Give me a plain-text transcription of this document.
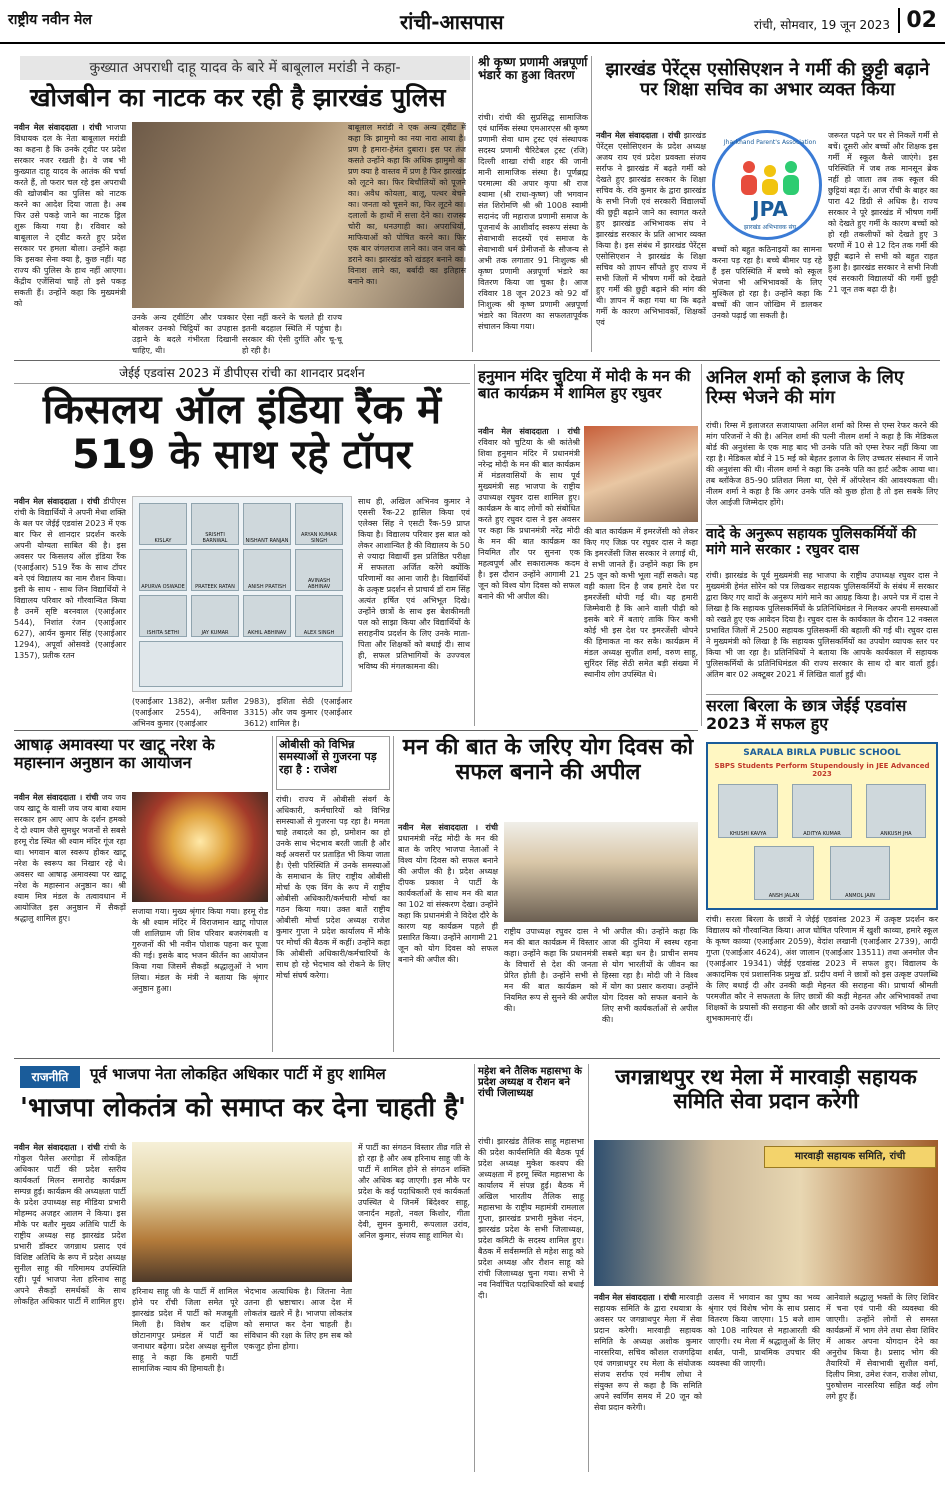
राष्ट्रीय नवीन मेल	रांची-आसपास	रांची, सोमवार, 19 जून 2023 02
कुख्यात अपराधी दाहू यादव के बारे में बाबूलाल मरांडी ने कहा-
खोजबीन का नाटक कर रही है झारखंड पुलिस
नवीन मेल संवाददाता । रांची भाजपा विधायक दल के नेता बाबूलाल मरांडी का कहना है कि उनके ट्वीट पर प्रदेश सरकार नजर रखती है। वे जब भी कुख्यात दाहू यादव के आतंक की चर्चा करते हैं, तो फरार चल रहे इस अपराधी की खोजबीन का पुलिस को नाटक करने का आदेश दिया जाता है। अब फिर उसे पकड़े जाने का नाटक ड्रिल शुरू किया गया है। रविवार को बाबूलाल ने ट्वीट करते हुए प्रदेश सरकार पर हमला बोला। उन्होंने कहा कि इसका सेना क्या है, कुछ नहीं। यह राज्य की पुलिस के हाथ नहीं आएगा। केंद्रीय एजेंसियां चाहें तो इसे पकड़ सकती हैं। उन्होंने कहा कि मुख्यमंत्री को
उनके अन्य ट्वीटिंग और पत्रकार बोलकर उनको चिट्ठियों का उपहास उड़ाने के बदले गंभीरता दिखानी चाहिए, थी।
ऐसा नहीं करने के चलते ही राज्य इतनी बदहाल स्थिति में पहुंचा है। सरकार की ऐसी दुर्गति और चू-चू हो रही है।
बाबूलाल मरांडी ने एक अन्य ट्वीट में कहा कि झामुमो का नया नारा आया है। प्रण है हमारा-हेमंत दुबारा। इस पर तंज कसते उन्होंने कहा कि अधिक झामुमो का प्रण क्या है वास्तव में प्रण है फिर झारखंड को लूटने का। फिर बिचौलियों को पूजने का। अवैध कोयला, बालू, पत्थर बेचने का। जनता को चूसने का, फिर लूटने का। दलालों के हाथों में सत्ता देने का। राजस्व चोरी का, धनउगाही का। अपराधियों, माफियाओं को पोषित करने का। फिर एक बार जंगलराज लाने का। जन जन को डराने का। झारखंड को खंडहर बनाने का। विनाश लाने का, बर्बादी का इतिहास बनाने का।
श्री कृष्ण प्रणामी अन्नपूर्णा भंडारे का हुआ वितरण
रांची। रांची की सुप्रसिद्ध सामाजिक एवं धार्मिक संस्था एमआरएस श्री कृष्ण प्रणामी सेवा धाम ट्रस्ट एवं संस्थापक सदस्य प्रणामी चैरिटेबल ट्रस्ट (रजि) दिल्ली शाखा रांची शहर की जानी मानी सामाजिक संस्था है। पूर्णब्रह्म परमात्मा की अपार कृपा श्री राज श्यामा (श्री राधा-कृष्ण) जी भगवान संत शिरोमणि श्री श्री 1008 स्वामी सदानंद जी महाराज प्रणामी समाज के पूजनार्थ के आशीर्वाद स्वरूप संस्था के सेवाभावी सदस्यों एवं समाज के सेवाभावी धर्म प्रेमीजनों के सौजन्य से अभी तक लगातार 91 निःशुल्क श्री कृष्ण प्रणामी अन्नपूर्णा भंडारे का वितरण किया जा चुका है। आज रविवार 18 जून 2023 को 92 वाँ निःशुल्क श्री कृष्ण प्रणामी अन्नपूर्णा भंडारे का वितरण का सफलतापूर्वक संचालन किया गया।
झारखंड पेरेंट्स एसोसिएशन ने गर्मी की छुट्टी बढ़ाने पर शिक्षा सचिव का अभार व्यक्त किया
नवीन मेल संवाददाता । रांची झारखंड पेरेंट्स एसोसिएशन के प्रदेश अध्यक्ष अजय राय एवं प्रदेश प्रवक्ता संजय सर्राफ ने झारखंड में बढ़ते गर्मी को देखते हुए झारखंड सरकार के शिक्षा सचिव के. रवि कुमार के द्वारा झारखंड के सभी निजी एवं सरकारी विद्यालयों की छुट्टी बढ़ाने जाने का स्वागत करते हुए झारखंड अभिभावक संघ ने झारखंड सरकार के प्रति आभार व्यक्त किया है। इस संबंध में झारखंड पेरेंट्स एसोसिएशन ने झारखंड के शिक्षा सचिव को ज्ञापन सौंपते हुए राज्य में सभी जिलों में भीषण गर्मी को देखते हुए गर्मी की छुट्टी बढ़ाने की मांग की थी। ज्ञापन में कहा गया था कि बढ़ते गर्मी के कारण अभिभावकों, शिक्षकों एवं
Jharkhand Parent's Association
JPA
झारखंड अभिभावक संघ
बच्चों को बहुत कठिनाइयों का सामना करना पड़ रहा है। बच्चे बीमार पड़ रहे हैं इस परिस्थिति में बच्चे को स्कूल भेजना भी अभिभावकों के लिए मुश्किल हो रहा है। उन्होंने कहा कि बच्चों की जान जोखिम में डालकर उनको पढ़ाई जा सकती है।
जरूरत पढ़ने पर घर से निकलें गर्मी से बचें। दूसरी ओर बच्चों और शिक्षक इस गर्मी में स्कूल कैसे जाएंगे। इस परिस्थिति में जब तक मानसून ब्रेक नहीं हो जाता तब तक स्कूल की छुट्टियां बढ़ा दें। आज राँची के बाहर का पारा 42 डिग्री से अधिक है। राज्य सरकार ने पूरे झारखंड में भीषण गर्मी को देखते हुए गर्मी के कारण बच्चों को हो रही तकलीफों को देखते हुए 3 चरणों में 10 से 12 दिन तक गर्मी की छुट्टी बढ़ाने से सभी को बहुत राहत हुआ है। झारखंड सरकार ने सभी निजी एवं सरकारी विद्यालयों की गर्मी छुट्टी 21 जून तक बढ़ा दी है।
जेईई एडवांस 2023 में डीपीएस रांची का शानदार प्रदर्शन
किसलय ऑल इंडिया रैंक में 519 के साथ रहे टॉपर
नवीन मेल संवाददाता । रांची डीपीएस रांची के विद्यार्थियों ने अपनी मेधा शक्ति के बल पर जेईई एडवांस 2023 में एक बार फिर से शानदार प्रदर्शन करके अपनी योग्यता साबित की है। इस अवसर पर किसलय ऑल इंडिया रैंक (एआईआर) 519 रैंक के साथ टॉपर बने एवं विद्यालय का नाम रौशन किया। इसी के साथ - साथ जिन विद्यार्थियों ने विद्यालय परिवार को गौरवान्वित किया है उनमें सृष्टि बरनवाल (एआईआर 544), निशांत रंजन (एआईआर 627), आर्यन कुमार सिंह (एआईआर 1294), अपूर्वा ओसवडे (एआईआर 1357), प्रतीक रतन
KISLAY
SRISHTI BARNWAL	NISHANT RANJAN
ARYAN KUMAR SINGH
APURVA OSWADE	PRATEEK RATAN	ANISH PRATISH
AVINASH ABHINAV
ISHITA SETHI	JAY KUMAR	AKHIL ABHINAV	ALEX SINGH
(एआईआर 1382), अनीश प्रतीश (एआईआर 2554), अविनाश अभिनव कुमार (एआईआर
2983), इशिता सेठी (एआईआर 3315) और जय कुमार (एआईआर 3612) शामिल है।
साथ ही, अखिल अभिनव कुमार ने एससी रैंक-22 हासिल किया एवं एलेक्स सिंह ने एसटी रैंक-59 प्राप्त किया है। विद्यालय परिवार इस बात को लेकर आशान्वित है की विद्यालय के 50 से ज्यादा विद्यार्थी इस प्रतिष्ठित परीक्षा में सफलता अर्जित करेंगे क्योंकि परिणामों का आना जारी है। विद्यार्थियों के उत्कृष्ट प्रदर्शन से प्राचार्य डॉ राम सिंह अत्यंत हर्षित एवं अभिभूत दिखे। उन्होंने छात्रों के साथ इस बेशकीमती पल को साझा किया और विद्यार्थियों के सराहनीय प्रदर्शन के लिए उनके माता-पिता और शिक्षकों को बधाई दी। साथ ही, सफल प्रतिभागियों के उज्ज्वल भविष्य की मंगलकामना की।
हनुमान मंदिर चुटिया में मोदी के मन की बात कार्यक्रम में शामिल हुए रघुवर
नवीन मेल संवाददाता । रांची रविवार को चुटिया के श्री कांतेश्री शिवा हनुमान मंदिर में प्रधानमंत्री नरेन्द्र मोदी के मन की बात कार्यक्रम में मंडलवासियों के साथ पूर्व मुख्यमंत्री सह भाजपा के राष्ट्रीय उपाध्यक्ष रघुवर दास शामिल हुए। कार्यक्रम के बाद लोगों को संबोधित करते हुए रघुवर दास ने इस अवसर पर कहा कि प्रधानमंत्री नरेंद्र मोदी के मन की बात कार्यक्रम का नियमित तौर पर सुनना एक महत्वपूर्ण और सकारात्मक कदम है। इस दौरान उन्होंने आगामी 21 जून को विश्व योग दिवस को सफल बनाने की भी अपील की।
की बात कार्यक्रम में इमरजेंसी को लेकर किए गए जिक्र पर रघुवर दास ने कहा कि इमरजेंसी जिस सरकार ने लगाई थी, वे सभी जानते हैं। उन्होंने कहा कि हम 25 जून को कभी भूला नहीं सकते। यह वही काला दिन है जब हमारे देश पर इमरजेंसी थोपी गई थी। यह हमारी जिम्मेवारी है कि आने वाली पीढ़ी को इसके बारे में बताएं ताकि फिर कभी कोई भी इस देश पर इमरजेंसी थोपने की हिमाकत ना कर सके। कार्यक्रम में मंडल अध्यक्ष सुजीत शर्मा, वरुण साहू, सुरिंदर सिंह सेठी समेत बड़ी संख्या में स्थानीय लोग उपस्थित थे।
अनिल शर्मा को इलाज के लिए रिम्स भेजने की मांग
रांची। रिम्स में इलाजरत सजायाफ्ता अनिल शर्मा को रिम्स से एम्स रेफर करने की मांग परिजनों ने की है। अनिल शर्मा की पत्नी नीलम शर्मा ने कहा है कि मेडिकल बोर्ड की अनुशंसा के एक माह बाद भी उनके पति को एम्स रेफर नहीं किया जा रहा है। मेडिकल बोर्ड ने 15 मई को बेहतर इलाज के लिए उच्चतर संस्थान में जाने की अनुशंसा की थी। नीलम शर्मा ने कहा कि उनके पति का हार्ट अटैक आया था। तब ब्लॉकेज 85-90 प्रतिशत मिला था, ऐसे में ऑपरेशन की आवश्यकता थी। नीलम शर्मा ने कहा है कि अगर उनके पति को कुछ होता है तो इस सबके लिए जेल आईजी जिम्मेदार होंगे।
वादे के अनुरूप सहायक पुलिसकर्मियों की मांगे माने सरकार : रघुवर दास
रांची। झारखंड के पूर्व मुख्यमंत्री सह भाजपा के राष्ट्रीय उपाध्यक्ष रघुवर दास ने मुख्यमंत्री हेमंत सोरेन को पत्र लिखकर सहायक पुलिसकर्मियों के संबंध में सरकार द्वारा किए गए वादों के अनुरूप मांगे माने का आग्रह किया है। अपने पत्र में दास ने लिखा है कि सहायक पुलिसकर्मियों के प्रतिनिधिमंडल ने मिलकर अपनी समस्याओं को रखते हुए एक आवेदन दिया है। रघुवर दास के कार्यकाल के दौरान 12 नक्सल प्रभावित जिलों में 2500 सहायक पुलिसकर्मी की बहाली की गई थी। रघुवर दास ने मुख्यमंत्री को लिखा है कि सहायक पुलिसकर्मियों का उपयोग व्यापक स्तर पर किया भी जा रहा है। प्रतिनिधियों ने बताया कि आपके कार्यकाल में सहायक पुलिसकर्मियों के प्रतिनिधिमंडल की राज्य सरकार के साथ दो बार वार्ता हुई। अंतिम बार 02 अक्टूबर 2021 में लिखित वार्ता हुई थी।
सरला बिरला के छात्र जेईई एडवांस 2023 में सफल हुए
SARALA BIRLA PUBLIC SCHOOL
SBPS Students Perform Stupendously in JEE Advanced 2023
KHUSHI KAVYA	ADITYA KUMAR	ANKUSH JHA
ANSH JALAN	ANMOL JAIN
रांची। सरला बिरला के छात्रों ने जेईई एडवांस्ड 2023 में उत्कृष्ट प्रदर्शन कर विद्यालय को गौरवान्वित किया। आज घोषित परिणाम में खुशी काव्या, हमारे स्कूल के कृष्ण काव्या (एआईआर 2059), वेदांश लखानी (एआईआर 2739), आदी गुप्ता (एआईआर 4624), अंश जालान (एआईआर 13511) तथा अनमोल जैन (एआईआर 19341) जेईई एडवांस्ड 2023 में सफल हुए। विद्यालय के अकादमिक एवं प्रशासनिक प्रमुख डॉ. प्रदीप वर्मा ने छात्रों को इस उत्कृष्ट उपलब्धि के लिए बधाई दी और उनकी कड़ी मेहनत की सराहना की। प्राचार्या श्रीमती परमजीत कौर ने सफलता के लिए छात्रों की कड़ी मेहनत और अभिभावकों तथा शिक्षकों के प्रयासों की सराहना की और छात्रों को उनके उज्ज्वल भविष्य के लिए शुभकामनाएं दीं।
आषाढ़ अमावस्या पर खाटू नरेश के महास्नान अनुष्ठान का आयोजन
नवीन मेल संवाददाता । रांची जय जय जय खाटू के वासी जय जय बाबा श्याम सरकार हम आए आप के दर्शन हमको दे दो श्याम जैसे सुमधुर भजनों से सबसे हरमू रोड स्थित श्री श्याम मंदिर गूंज रहा था। भगवान बाल स्वरूप होकर खाटू नरेश के स्वरूप का निखार रहे थे। अवसर था आषाढ़ अमावस्या पर खाटू नरेश के महास्नान अनुष्ठान का। श्री श्याम मित्र मंडल के तत्वावधान में आयोजित इस अनुष्ठान में सैकड़ों श्रद्धालु शामिल हुए।
सजाया गया। मुख्य श्रृंगार किया गया। हरमू रोड के श्री श्याम मंदिर में विराजमान खाटू गोपाल जी शालिग्राम जी शिव परिवार बजरंगबली व गुरुजनों की भी नवीन पोशाक पहना कर पूजा की गई। इसके बाद भजन कीर्तन का आयोजन किया गया जिसमें सैकड़ों श्रद्धालुओं ने भाग लिया। मंडल के मंत्री ने बताया कि श्रृंगार अनुष्ठान हुआ।
ओबीसी को विभिन्न समस्याओं से गुजरना पड़ रहा है : राजेश
रांची। राज्य में ओबीसी संवर्ग के अधिकारी, कर्मचारियों को विभिन्न समस्याओं से गुजरना पड़ रहा है। ममता चाहे तबादले का हो, प्रमोशन का हो उनके साथ भेदभाव बरती जाती है और कई अवसरों पर प्रताड़ित भी किया जाता है। ऐसी परिस्थिति में उनके समस्याओं के समाधान के लिए राष्ट्रीय ओबीसी मोर्चा के एक विंग के रूप में राष्ट्रीय ओबीसी अधिकारी/कर्मचारी मोर्चा का गठन किया गया। उक्त बातें राष्ट्रीय ओबीसी मोर्चा प्रदेश अध्यक्ष राजेश कुमार गुप्ता ने प्रदेश कार्यालय में मौके पर मोर्चा की बैठक में कहीं। उन्होंने कहा कि ओबीसी अधिकारी/कर्मचारियों के साथ हो रहे भेदभाव को रोकने के लिए मोर्चा संघर्ष करेगा।
मन की बात के जरिए योग दिवस को सफल बनाने की अपील
नवीन मेल संवाददाता । रांची प्रधानमंत्री नरेंद्र मोदी के मन की बात के जरिए भाजपा नेताओं ने विश्व योग दिवस को सफल बनाने की अपील की है। प्रदेश अध्यक्ष दीपक प्रकाश ने पार्टी के कार्यकर्ताओं के साथ मन की बात का 102 वां संस्करण देखा। उन्होंने कहा कि प्रधानमंत्री ने विदेश दौरे के कारण यह कार्यक्रम पहले ही प्रसारित किया। उन्होंने आगामी 21 जून को योग दिवस को सफल बनाने की अपील की।
राष्ट्रीय उपाध्यक्ष रघुवर दास ने मन की बात कार्यक्रम में विस्तार कहा। उन्होंने कहा कि प्रधानमंत्री के विचारों से देश की जनता प्रेरित होती है। उन्होंने सभी से मन की बात कार्यक्रम को नियमित रूप से सुनने की अपील की।
भी अपील की। उन्होंने कहा कि आज की दुनिया में स्वस्थ रहना सबसे बड़ा धन है। प्राचीन समय से योग भारतीयों के जीवन का हिस्सा रहा है। मोदी जी ने विश्व में योग का प्रसार कराया। उन्होंने योग दिवस को सफल बनाने के लिए सभी कार्यकर्ताओं से अपील की।
राजनीति	पूर्व भाजपा नेता लोकहित अधिकार पार्टी में हुए शामिल
'भाजपा लोकतंत्र को समाप्त कर देना चाहती है'
नवीन मेल संवाददाता । रांची रांची के गोकुल पैलेस अरगोड़ा में लोकहित अधिकार पार्टी की प्रदेश स्तरीय कार्यकर्ता मिलन समारोह कार्यक्रम सम्पन्न हुई। कार्यक्रम की अध्यक्षता पार्टी के प्रदेश उपाध्यक्ष सह मीडिया प्रभारी मोहम्मद अजहर आलम ने किया। इस मौके पर बतौर मुख्य अतिथि पार्टी के राष्ट्रीय अध्यक्ष सह झारखंड प्रदेश प्रभारी डॉक्टर जगन्नाथ प्रसाद एवं विशिष्ट अतिथि के रूप में प्रदेश अध्यक्ष सुनील साहू की गरिमामय उपस्थिति रही। पूर्व भाजपा नेता हरिनाथ साहू अपने सैकड़ों समर्थकों के साथ लोकहित अधिकार पार्टी में शामिल हुए।
हरिनाथ साहू जी के पार्टी में शामिल होने पर राँची जिला समेत पूरे झारखंड प्रदेश में पार्टी को मजबूती मिली है। विशेष कर दक्षिण छोटानागपुर प्रमंडल में पार्टी का जनाधार बढ़ेगा। प्रदेश अध्यक्ष सुनील साहू ने कहा कि हमारी पार्टी सामाजिक न्याय की हिमायती है।
भेदभाव अत्याधिक है। जितना नेता उतना ही भ्रष्टाचार। आज देश में लोकतंत्र खतरे में है। भाजपा लोकतंत्र को समाप्त कर देना चाहती है। संविधान की रक्षा के लिए हम सब को एकजुट होना होगा।
में पार्टी का संगठन विस्तार तीव्र गति से हो रहा है और अब हरिनाथ साहू जी के पार्टी में शामिल होने से संगठन शक्ति और अधिक बढ़ जाएगी। इस मौके पर प्रदेश के कई पदाधिकारी एवं कार्यकर्ता उपस्थित थे जिनमें बिंदेश्वर साहू, जनार्दन महतो, नवल किशोर, गीता देवी, सुमन कुमारी, रूपलाल उरांव, अनिल कुमार, संजय साहू शामिल थे।
महेश बने तैलिक महासभा के प्रदेश अध्यक्ष व रौशन बने रांची जिलाध्यक्ष
रांची। झारखंड तैलिक साहू महासभा की प्रदेश कार्यसमिति की बैठक पूर्व प्रदेश अध्यक्ष मुकेश कश्यप की अध्यक्षता में हरमू स्थित महासभा के कार्यालय में संपन्न हुई। बैठक में अखिल भारतीय तैलिक साहू महासभा के राष्ट्रीय महामंत्री रामलाल गुप्ता, झारखंड प्रभारी मुकेश नंदन, झारखंड प्रदेश के सभी जिलाध्यक्ष, प्रदेश कमिटी के सदस्य शामिल हुए। बैठक में सर्वसम्मति से महेश साहू को प्रदेश अध्यक्ष और रौशन साहू को रांची जिलाध्यक्ष चुना गया। सभी ने नव निर्वाचित पदाधिकारियों को बधाई दी।
जगन्नाथपुर रथ मेला में मारवाड़ी सहायक समिति सेवा प्रदान करेगी
मारवाड़ी सहायक समिति, रांची
नवीन मेल संवाददाता । रांची मारवाड़ी सहायक समिति के द्वारा रथयात्रा के अवसर पर जगन्नाथपुर मेला में सेवा प्रदान करेगी। मारवाड़ी सहायक समिति के अध्यक्ष अशोक कुमार नारसरिया, सचिव कौशल राजगढ़िया एवं जगन्नाथपुर रथ मेला के संयोजक संजय सर्राफ एवं मनीष लोधा ने संयुक्त रूप से कहा है कि समिति अपने स्वर्णिम समय में 20 जून को सेवा प्रदान करेगी।
उत्सव में भगवान का पुष्प का भव्य श्रृंगार एवं विशेष भोग के साथ प्रसाद वितरण किया जाएगा। 15 बजे शाम को 108 नारियल से महाआरती की जाएगी। रथ मेला में श्रद्धालुओं के लिए शर्बत, पानी, प्राथमिक उपचार की व्यवस्था की जाएगी।
आनेवाले श्रद्धालु भक्तों के लिए शिविर में चना एवं पानी की व्यवस्था की जाएगी। उन्होंने लोगों से समस्त कार्यक्रमों में भाग लेने तथा सेवा शिविर में आकर अपना योगदान देने का अनुरोध किया है। प्रसाद भोग की तैयारियों में सेवाभावी सुशील वर्मा, दिलीप मित्रा, उमेश रंजन, राजेश लोधा, पुरुषोत्तम नारसरिया सहित कई लोग लगे हुए हैं।
